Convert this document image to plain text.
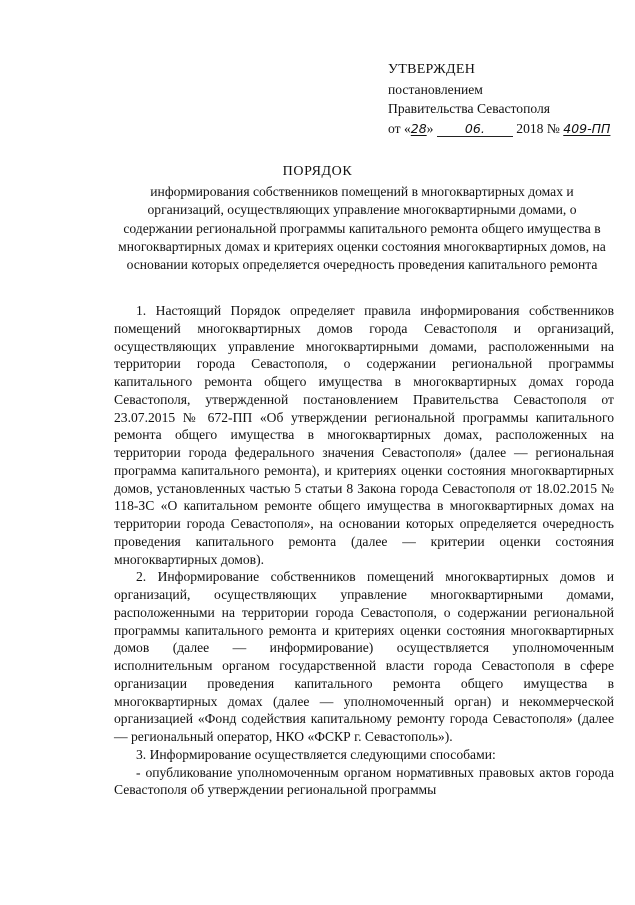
УТВЕРЖДЕН
постановлением
Правительства Севастополя
от «28»	06. 2018 № 409-ПП
ПОРЯДОК
информирования собственников помещений в многоквартирных домах и организаций, осуществляющих управление многоквартирными домами, о содержании региональной программы капитального ремонта общего имущества в многоквартирных домах и критериях оценки состояния многоквартирных домов, на основании которых определяется очередность проведения капитального ремонта

1. Настоящий Порядок определяет правила информирования собственников помещений многоквартирных домов города Севастополя и организаций, осуществляющих управление многоквартирными домами, расположенными на территории города Севастополя, о содержании региональной программы капитального ремонта общего имущества в многоквартирных домах города Севастополя, утвержденной постановлением Правительства Севастополя от 23.07.2015 № 672-ПП «Об утверждении региональной программы капитального ремонта общего имущества в многоквартирных домах, расположенных на территории города федерального значения Севастополя» (далее — региональная программа капитального ремонта), и критериях оценки состояния многоквартирных домов, установленных частью 5 статьи 8 Закона города Севастополя от 18.02.2015 № 118-ЗС «О капитальном ремонте общего имущества в многоквартирных домах на территории города Севастополя», на основании которых определяется очередность проведения капитального ремонта (далее — критерии оценки состояния многоквартирных домов).

2. Информирование собственников помещений многоквартирных домов и организаций, осуществляющих управление многоквартирными домами, расположенными на территории города Севастополя, о содержании региональной программы капитального ремонта и критериях оценки состояния многоквартирных домов (далее — информирование) осуществляется уполномоченным исполнительным органом государственной власти города Севастополя в сфере организации проведения капитального ремонта общего имущества в многоквартирных домах (далее — уполномоченный орган) и некоммерческой организацией «Фонд содействия капитальному ремонту города Севастополя» (далее — региональный оператор, НКО «ФСКР г. Севастополь»).

3. Информирование осуществляется следующими способами:

- опубликование уполномоченным органом нормативных правовых актов города Севастополя об утверждении региональной программы
